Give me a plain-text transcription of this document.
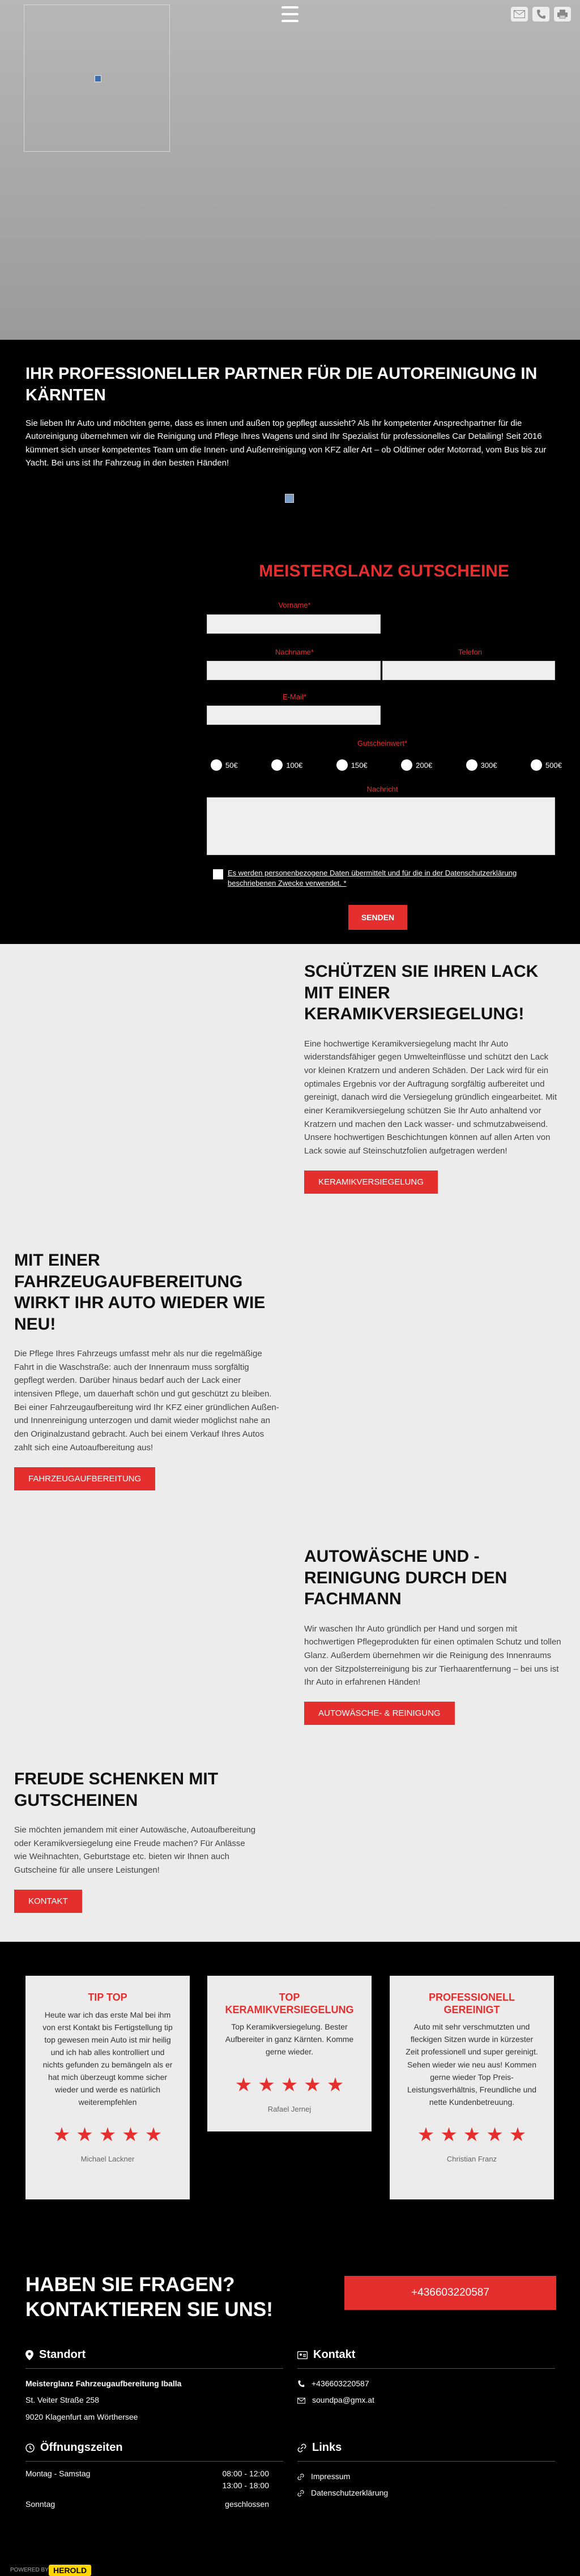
IHR PROFESSIONELLER PARTNER FÜR DIE AUTOREINIGUNG IN KÄRNTEN

Sie lieben Ihr Auto und möchten gerne, dass es innen und außen top gepflegt aussieht? Als Ihr kompetenter Ansprechpartner für die Autoreinigung übernehmen wir die Reinigung und Pflege Ihres Wagens und sind Ihr Spezialist für professionelles Car Detailing! Seit 2016 kümmert sich unser kompetentes Team um die Innen- und Außenreinigung von KFZ aller Art – ob Oldtimer oder Motorrad, vom Bus bis zur Yacht. Bei uns ist Ihr Fahrzeug in den besten Händen!

MEISTERGLANZ GUTSCHEINE
Vorname*
Nachname*	Telefon
E-Mail*
Gutscheinwert*
50€	100€	150€	200€	300€	500€
Nachricht
Es werden personenbezogene Daten übermittelt und für die in der Datenschutzerklärung beschriebenen Zwecke verwendet. *
SENDEN
SCHÜTZEN SIE IHREN LACK MIT EINER KERAMIKVERSIEGELUNG!

Eine hochwertige Keramikversiegelung macht Ihr Auto widerstandsfähiger gegen Umwelteinflüsse und schützt den Lack vor kleinen Kratzern und anderen Schäden. Der Lack wird für ein optimales Ergebnis vor der Auftragung sorgfältig aufbereitet und gereinigt, danach wird die Versiegelung gründlich eingearbeitet. Mit einer Keramikversiegelung schützen Sie Ihr Auto anhaltend vor Kratzern und machen den Lack wasser- und schmutzabweisend. Unsere hochwertigen Beschichtungen können auf allen Arten von Lack sowie auf Steinschutzfolien aufgetragen werden!

KERAMIKVERSIEGELUNG
MIT EINER FAHRZEUGAUFBEREITUNG WIRKT IHR AUTO WIEDER WIE NEU!

Die Pflege Ihres Fahrzeugs umfasst mehr als nur die regelmäßige Fahrt in die Waschstraße: auch der Innenraum muss sorgfältig gepflegt werden. Darüber hinaus bedarf auch der Lack einer intensiven Pflege, um dauerhaft schön und gut geschützt zu bleiben. Bei einer Fahrzeugaufbereitung wird Ihr KFZ einer gründlichen Außen- und Innenreinigung unterzogen und damit wieder möglichst nahe an den Originalzustand gebracht. Auch bei einem Verkauf Ihres Autos zahlt sich eine Autoaufbereitung aus!

FAHRZEUGAUFBEREITUNG
AUTOWÄSCHE UND -REINIGUNG DURCH DEN FACHMANN

Wir waschen Ihr Auto gründlich per Hand und sorgen mit hochwertigen Pflegeprodukten für einen optimalen Schutz und tollen Glanz. Außerdem übernehmen wir die Reinigung des Innenraums von der Sitzpolsterreinigung bis zur Tierhaarentfernung – bei uns ist Ihr Auto in erfahrenen Händen!

AUTOWÄSCHE- & REINIGUNG
FREUDE SCHENKEN MIT GUTSCHEINEN

Sie möchten jemandem mit einer Autowäsche, Autoaufbereitung oder Keramikversiegelung eine Freude machen? Für Anlässe wie Weihnachten, Geburtstage etc. bieten wir Ihnen auch Gutscheine für alle unsere Leistungen!

KONTAKT
TIP TOP

Heute war ich das erste Mal bei ihm von erst Kontakt bis Fertigstellung tip top gewesen mein Auto ist mir heilig und ich hab alles kontrolliert und nichts gefunden zu bemängeln als er hat mich überzeugt komme sicher wieder und werde es natürlich weiterempfehlen

★ ★ ★ ★ ★
Michael Lackner
TOP KERAMIKVERSIEGELUNG

Top Keramikversiegelung. Bester Aufbereiter in ganz Kärnten. Komme gerne wieder.

★ ★ ★ ★ ★
Rafael Jernej
PROFESSIONELL GEREINIGT

Auto mit sehr verschmutzten und fleckigen Sitzen wurde in kürzester Zeit professionell und super gereinigt. Sehen wieder wie neu aus! Kommen gerne wieder Top Preis-Leistungsverhältnis, Freundliche und nette Kundenbetreuung.

★ ★ ★ ★ ★
Christian Franz
HABEN SIE FRAGEN? KONTAKTIEREN SIE UNS!
+436603220587
Standort
Meisterglanz Fahrzeugaufbereitung Iballa
St. Veiter Straße 258
9020 Klagenfurt am Wörthersee
Kontakt
+436603220587
soundpa@gmx.at
Öffnungszeiten
Montag - Samstag	08:00 - 12:00
13:00 - 18:00
Sonntag	geschlossen
Links
Impressum
Datenschutzerklärung
POWERED BY HEROLD
